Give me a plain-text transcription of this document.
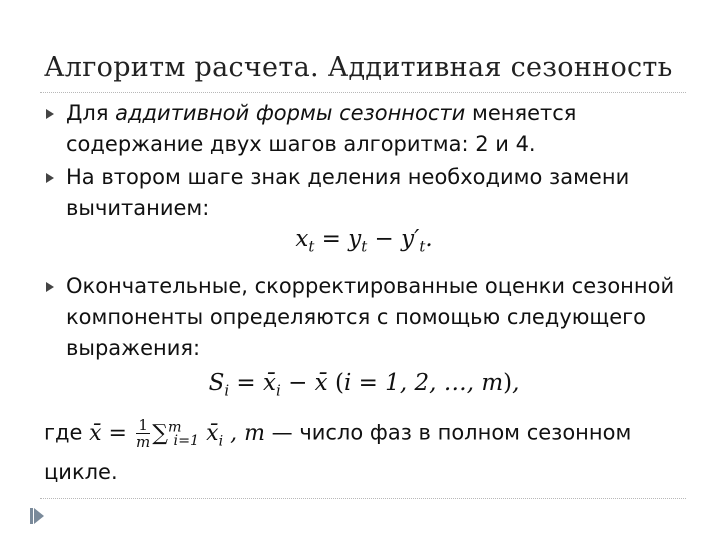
Алгоритм расчета. Аддитивная сезонность

Для аддитивной формы сезонности меняется содержание двух шагов алгоритма: 2 и 4.

На втором шаге знак деления необходимо замени вычитанием:

$x_t = y_t - y'_t$.

Окончательные, скорректированные оценки сезонной компоненты определяются с помощью следующего выражения:

$S_i$ = $x̄_i$ − x̄ (i = 1, 2, …, m),
где x̄ = $\frac{1}{m} \sum^m_{i=1}$ $x̄_i$ , m — число фаз в полном сезонном
цикле.
